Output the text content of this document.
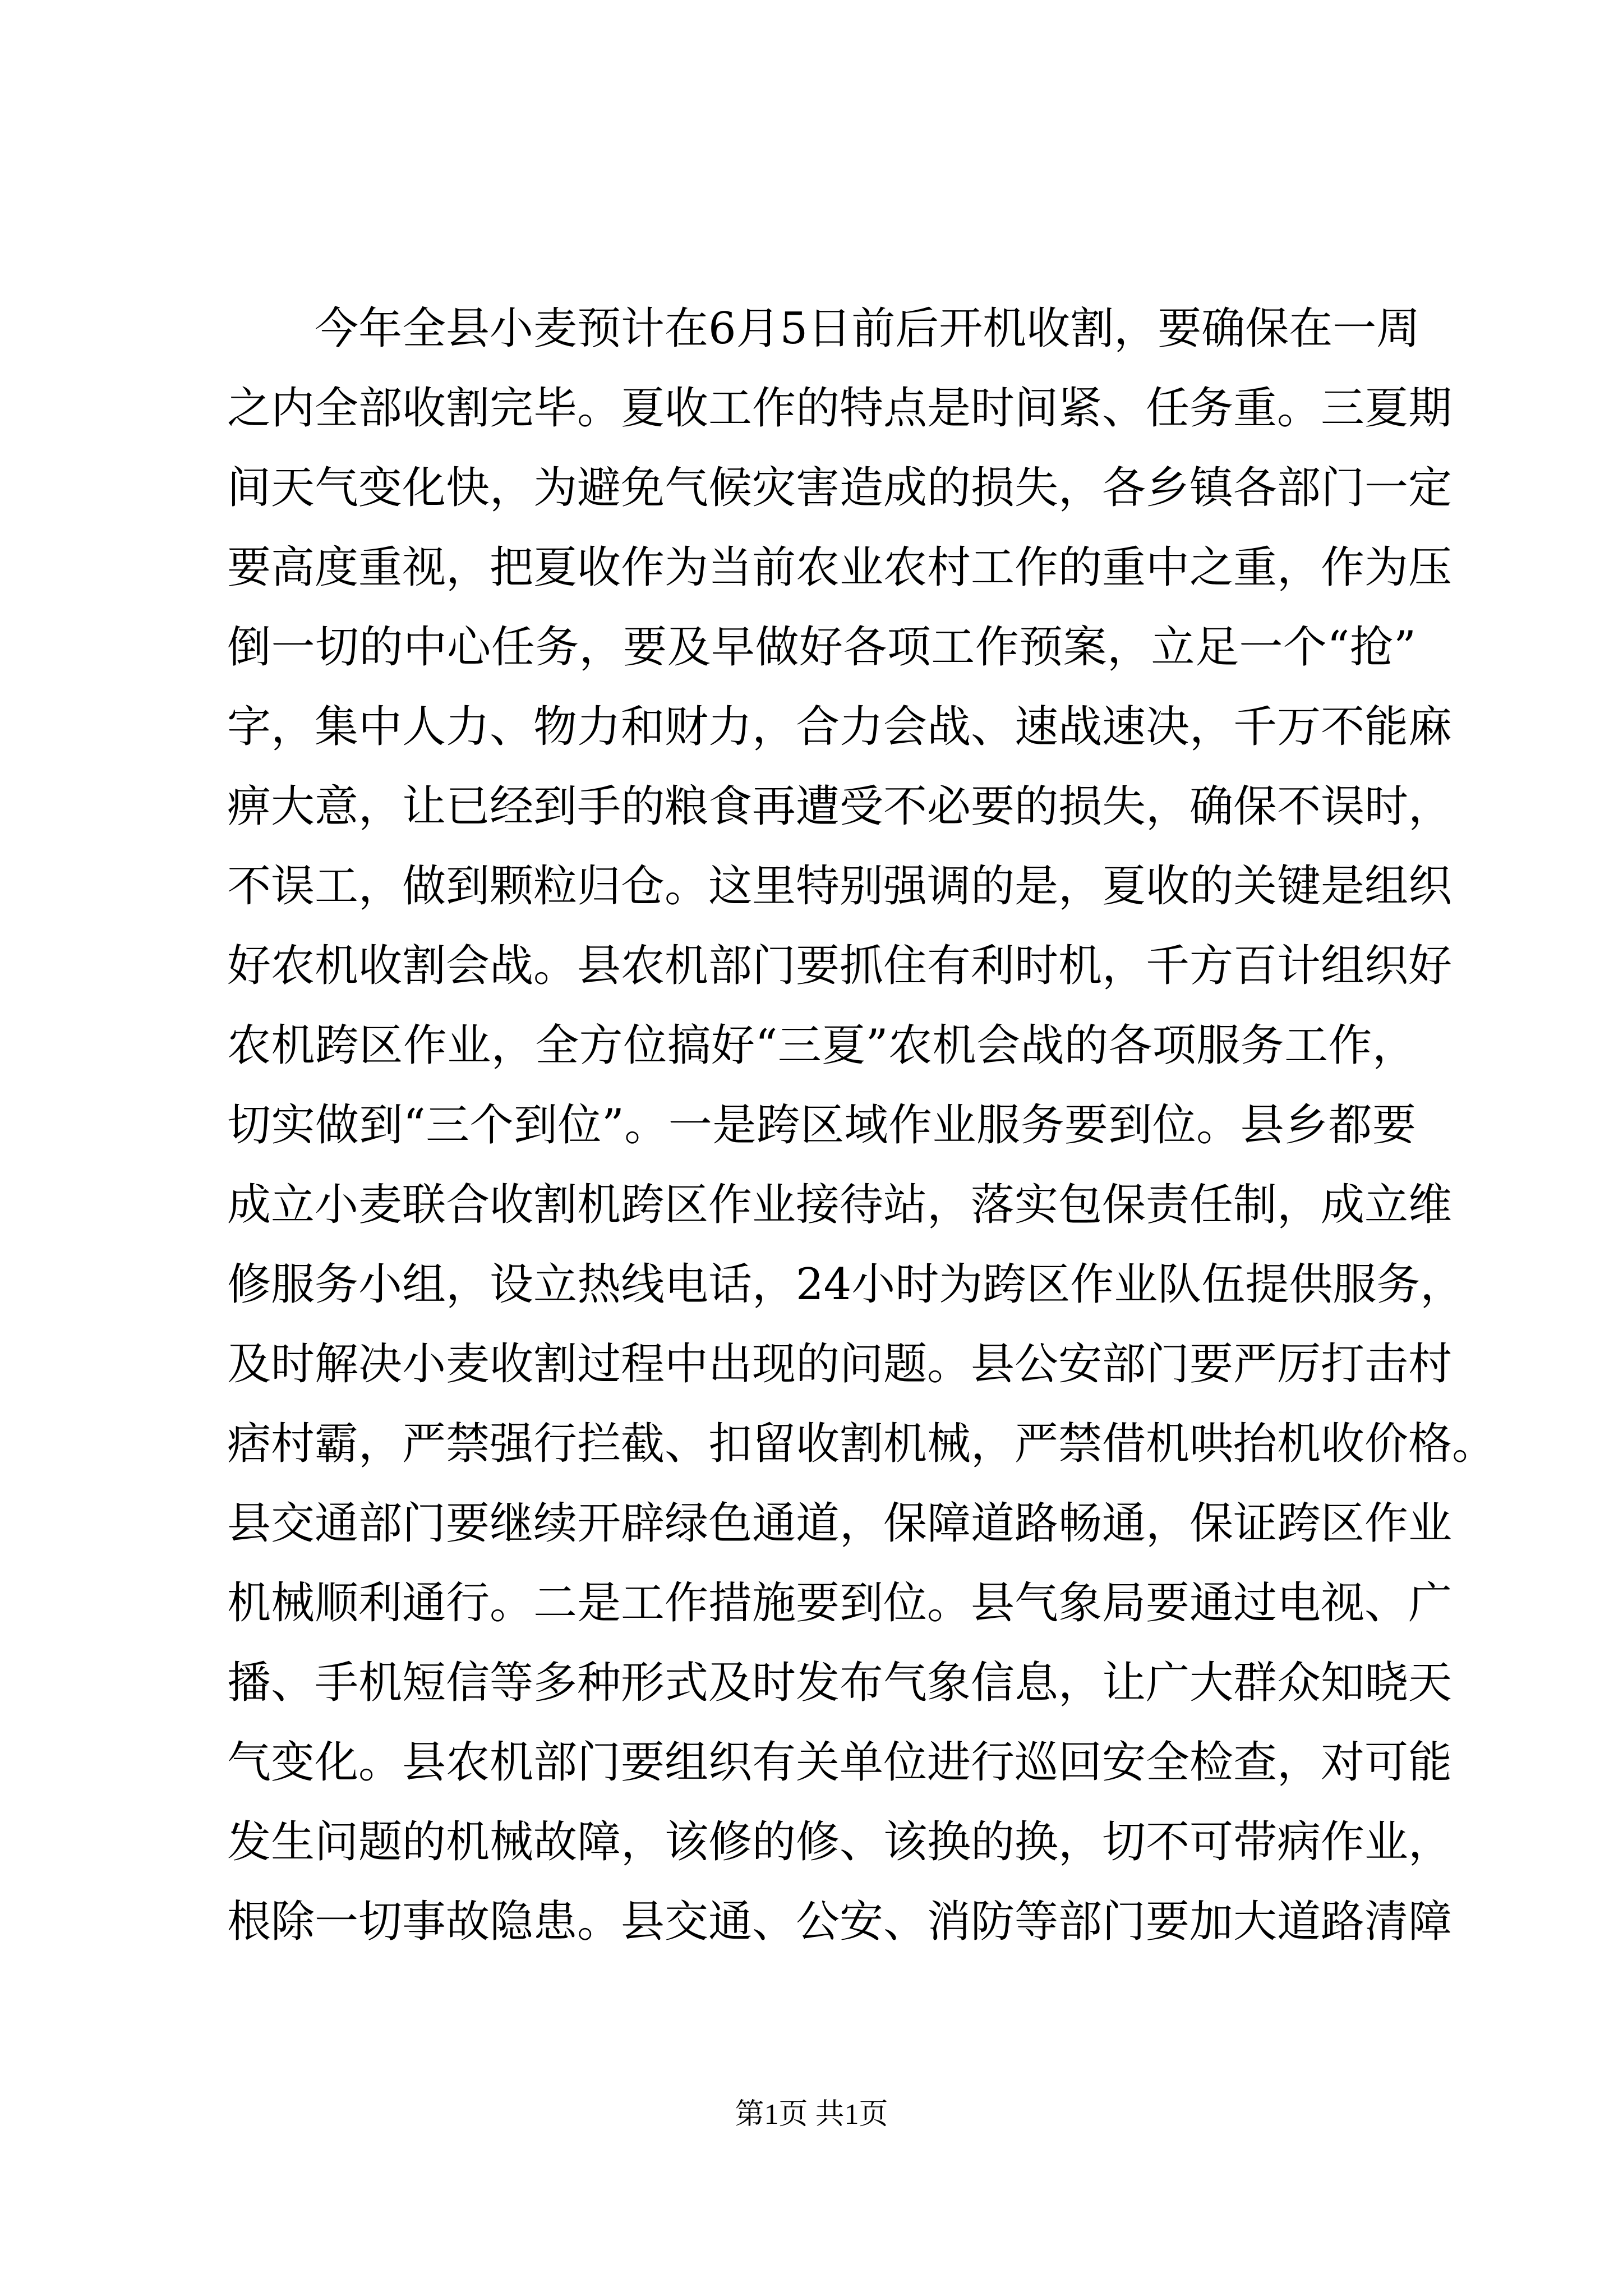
今年全县小麦预计在6月5日前后开机收割，要确保在一周
之内全部收割完毕。夏收工作的特点是时间紧、任务重。三夏期
间天气变化快，为避免气候灾害造成的损失，各乡镇各部门一定
要高度重视，把夏收作为当前农业农村工作的重中之重，作为压
倒一切的中心任务，要及早做好各项工作预案，立足一个“抢”
字，集中人力、物力和财力，合力会战、速战速决，千万不能麻
痹大意，让已经到手的粮食再遭受不必要的损失，确保不误时，
不误工，做到颗粒归仓。这里特别强调的是，夏收的关键是组织
好农机收割会战。县农机部门要抓住有利时机，千方百计组织好
农机跨区作业，全方位搞好“三夏”农机会战的各项服务工作，
切实做到“三个到位”。一是跨区域作业服务要到位。县乡都要
成立小麦联合收割机跨区作业接待站，落实包保责任制，成立维
修服务小组，设立热线电话，24小时为跨区作业队伍提供服务，
及时解决小麦收割过程中出现的问题。县公安部门要严厉打击村
痞村霸，严禁强行拦截、扣留收割机械，严禁借机哄抬机收价格。
县交通部门要继续开辟绿色通道，保障道路畅通，保证跨区作业
机械顺利通行。二是工作措施要到位。县气象局要通过电视、广
播、手机短信等多种形式及时发布气象信息，让广大群众知晓天
气变化。县农机部门要组织有关单位进行巡回安全检查，对可能
发生问题的机械故障，该修的修、该换的换，切不可带病作业，
根除一切事故隐患。县交通、公安、消防等部门要加大道路清障
第1页 共1页
